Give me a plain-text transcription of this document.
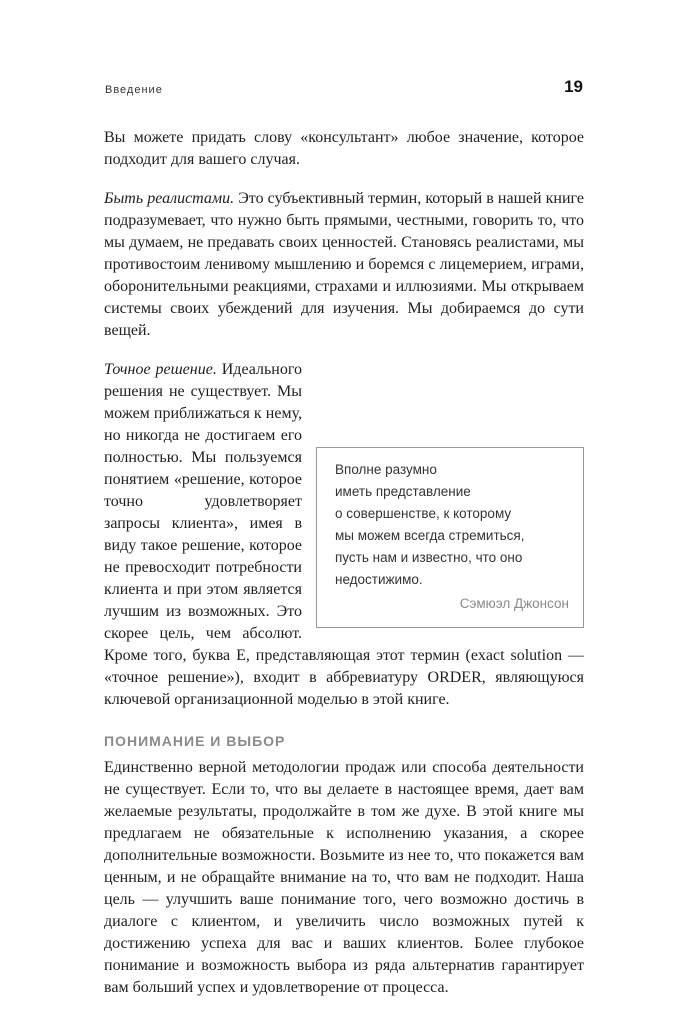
Введение	19

Вы можете придать слову «консультант» любое значение, которое подходит для вашего случая.

Быть реалистами. Это субъективный термин, который в нашей книге подразумевает, что нужно быть прямыми, честными, говорить то, что мы думаем, не предавать своих ценностей. Становясь реалистами, мы противостоим ленивому мышлению и боремся с лицемерием, играми, оборонительными реакциями, страхами и иллюзиями. Мы открываем системы своих убеждений для изучения. Мы добираемся до сути вещей.

Вполне разумно
иметь представление
о совершенстве, к которому
мы можем всегда стремиться,
пусть нам и известно, что оно
недостижимо.
Сэмюэл Джонсон
Точное решение. Идеального решения не существует. Мы можем приближаться к нему, но никогда не достигаем его полностью. Мы пользуемся понятием «решение, которое точно удовлетворяет запросы клиента», имея в виду такое решение, которое не превосходит потребности клиента и при этом является лучшим из возможных. Это скорее цель, чем абсолют. Кроме того, буква E, представляющая этот термин (exact solution — «точное решение»), входит в аббревиатуру ORDER, являющуюся ключевой организационной моделью в этой книге.

ПОНИМАНИЕ И ВЫБОР

Единственно верной методологии продаж или способа деятельности не существует. Если то, что вы делаете в настоящее время, дает вам желаемые результаты, продолжайте в том же духе. В этой книге мы предлагаем не обязательные к исполнению указания, а скорее дополнительные возможности. Возьмите из нее то, что покажется вам ценным, и не обращайте внимание на то, что вам не подходит. Наша цель — улучшить ваше понимание того, чего возможно достичь в диалоге с клиентом, и увеличить число возможных путей к достижению успеха для вас и ваших клиентов. Более глубокое понимание и возможность выбора из ряда альтернатив гарантирует вам больший успех и удовлетворение от процесса.
